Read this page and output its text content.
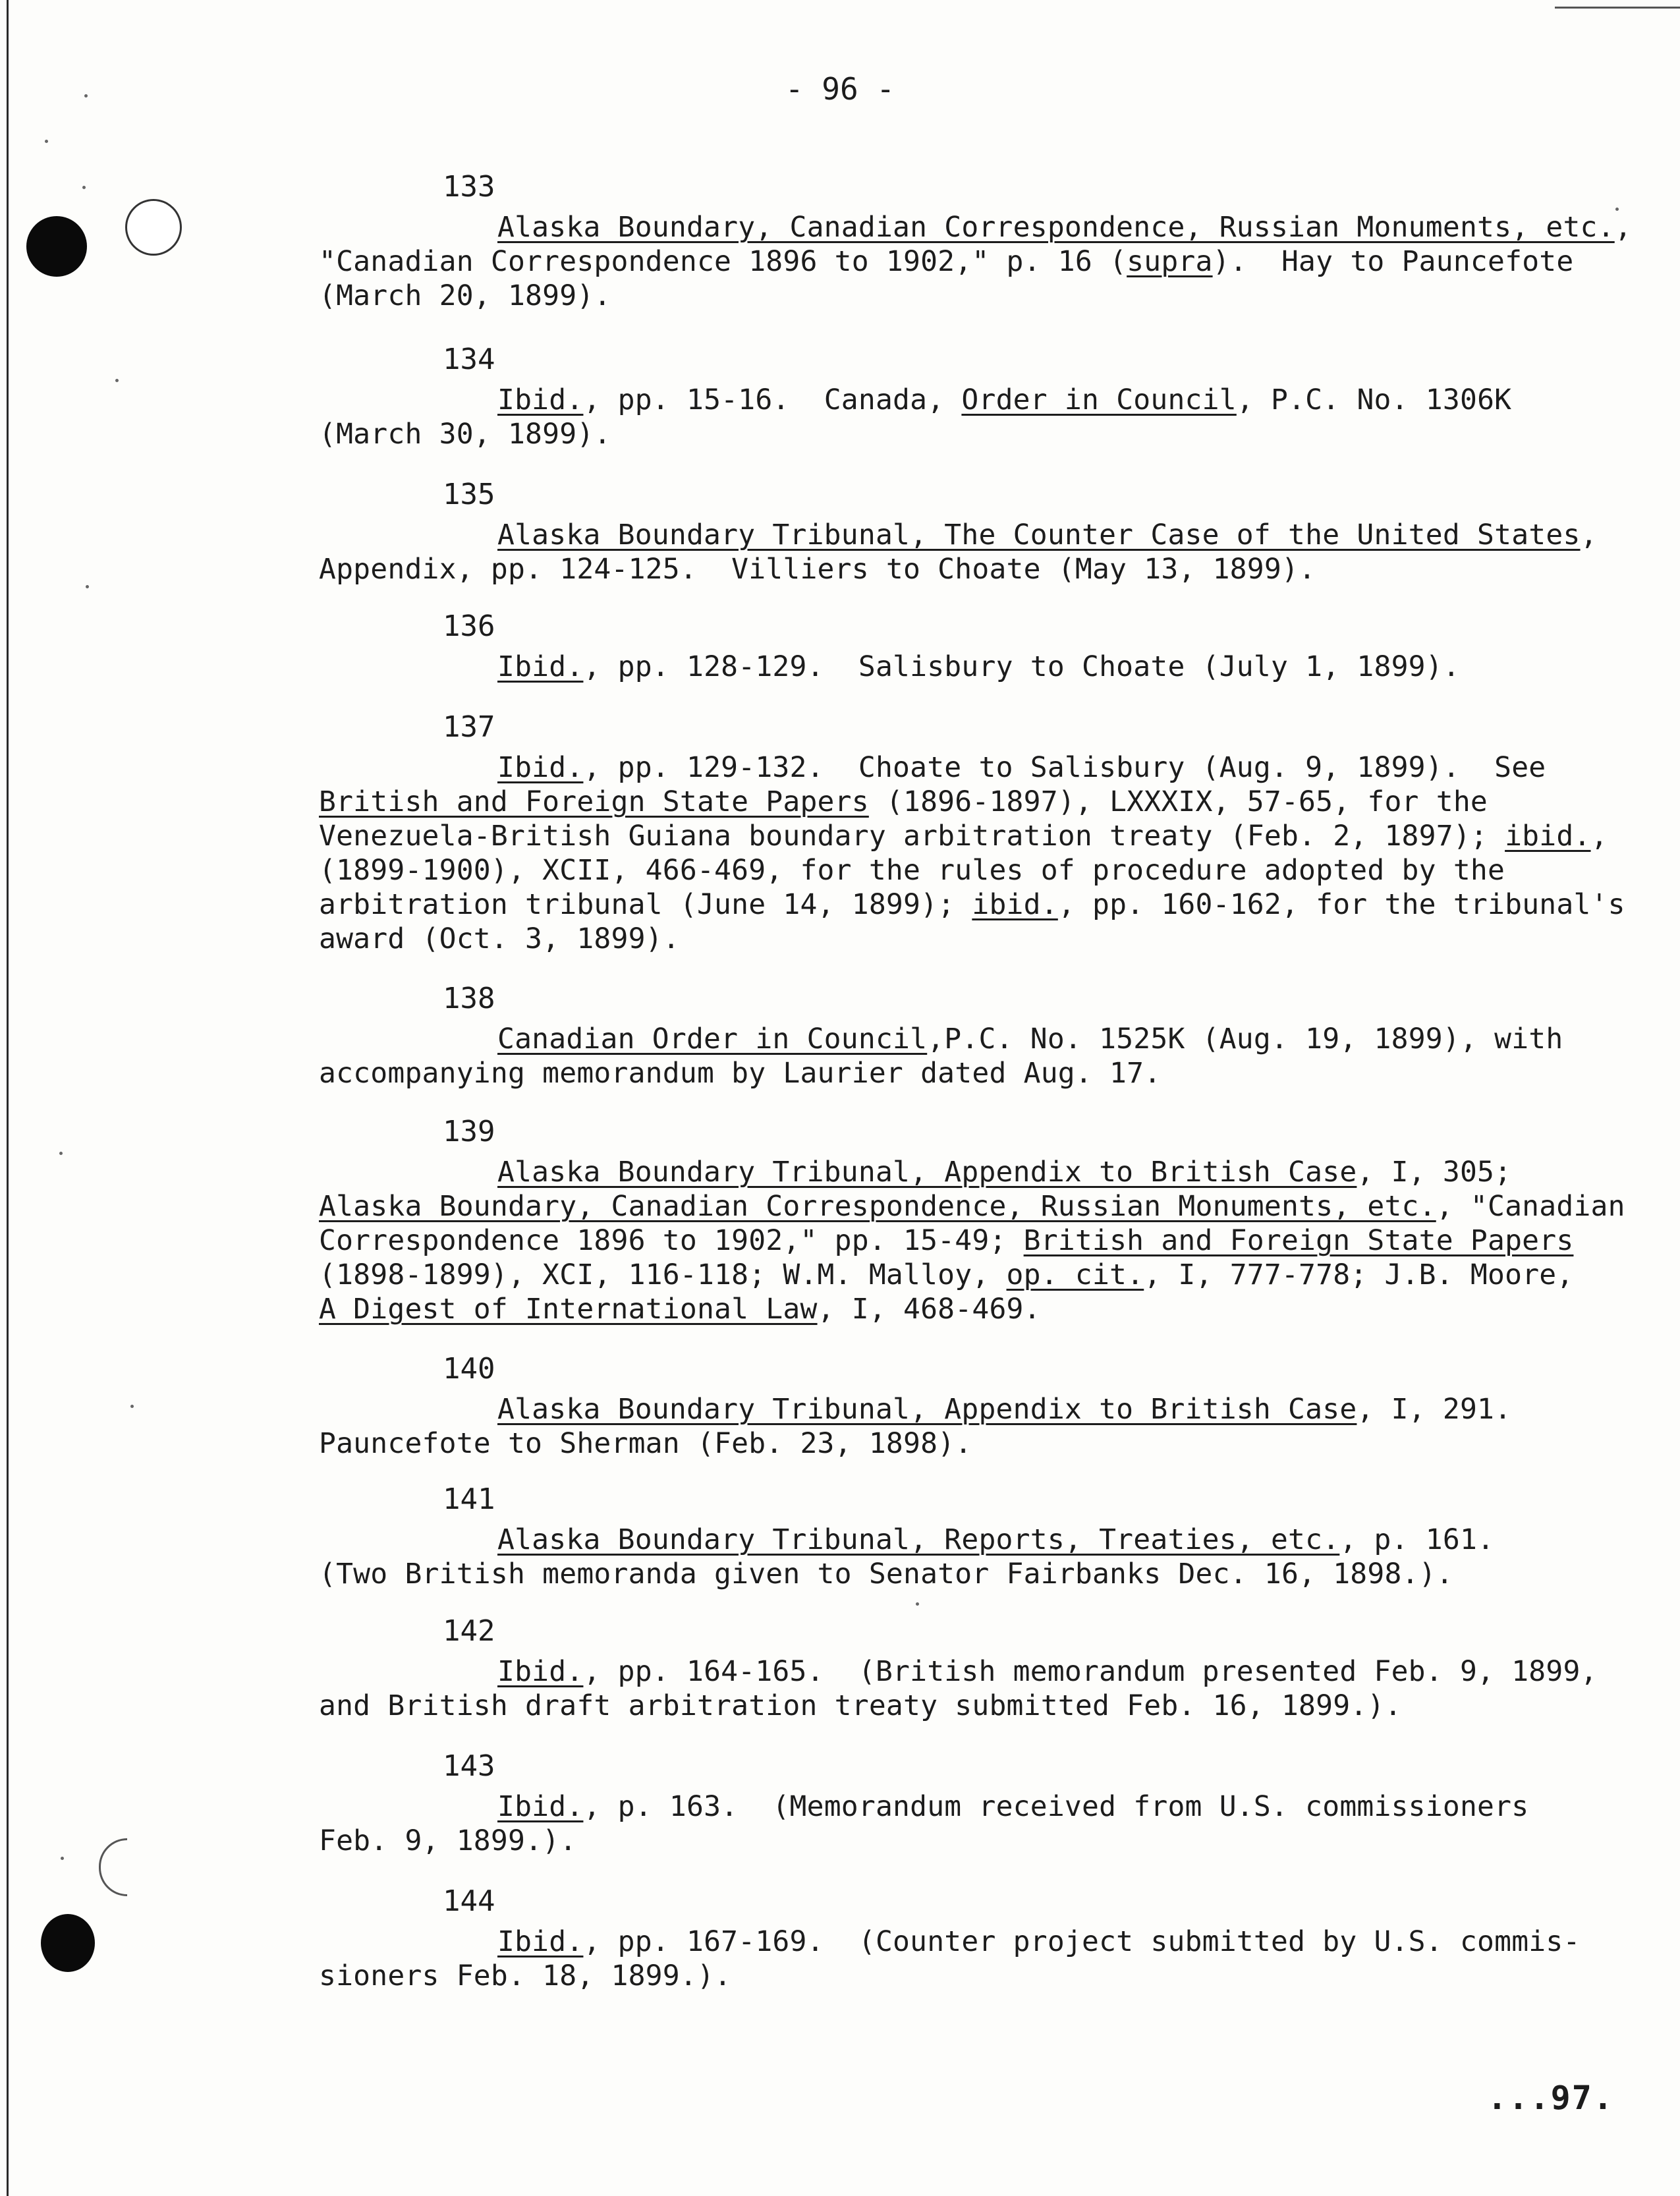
- 96 -
133
Alaska Boundary, Canadian Correspondence, Russian Monuments, etc.,
"Canadian Correspondence 1896 to 1902," p. 16 (supra).  Hay to Pauncefote
(March 20, 1899).
134
Ibid., pp. 15-16.  Canada, Order in Council, P.C. No. 1306K
(March 30, 1899).
135
Alaska Boundary Tribunal, The Counter Case of the United States,
Appendix, pp. 124-125.  Villiers to Choate (May 13, 1899).
136
Ibid., pp. 128-129.  Salisbury to Choate (July 1, 1899).
137
Ibid., pp. 129-132.  Choate to Salisbury (Aug. 9, 1899).  See
British and Foreign State Papers (1896-1897), LXXXIX, 57-65, for the
Venezuela-British Guiana boundary arbitration treaty (Feb. 2, 1897); ibid.,
(1899-1900), XCII, 466-469, for the rules of procedure adopted by the
arbitration tribunal (June 14, 1899); ibid., pp. 160-162, for the tribunal's
award (Oct. 3, 1899).
138
Canadian Order in Council,P.C. No. 1525K (Aug. 19, 1899), with
accompanying memorandum by Laurier dated Aug. 17.
139
Alaska Boundary Tribunal, Appendix to British Case, I, 305;
Alaska Boundary, Canadian Correspondence, Russian Monuments, etc., "Canadian
Correspondence 1896 to 1902," pp. 15-49; British and Foreign State Papers
(1898-1899), XCI, 116-118; W.M. Malloy, op. cit., I, 777-778; J.B. Moore,
A Digest of International Law, I, 468-469.
140
Alaska Boundary Tribunal, Appendix to British Case, I, 291.
Pauncefote to Sherman (Feb. 23, 1898).
141
Alaska Boundary Tribunal, Reports, Treaties, etc., p. 161.
(Two British memoranda given to Senator Fairbanks Dec. 16, 1898.).
142
Ibid., pp. 164-165.  (British memorandum presented Feb. 9, 1899,
and British draft arbitration treaty submitted Feb. 16, 1899.).
143
Ibid., p. 163.  (Memorandum received from U.S. commissioners
Feb. 9, 1899.).
144
Ibid., pp. 167-169.  (Counter project submitted by U.S. commis-
sioners Feb. 18, 1899.).
...97.
